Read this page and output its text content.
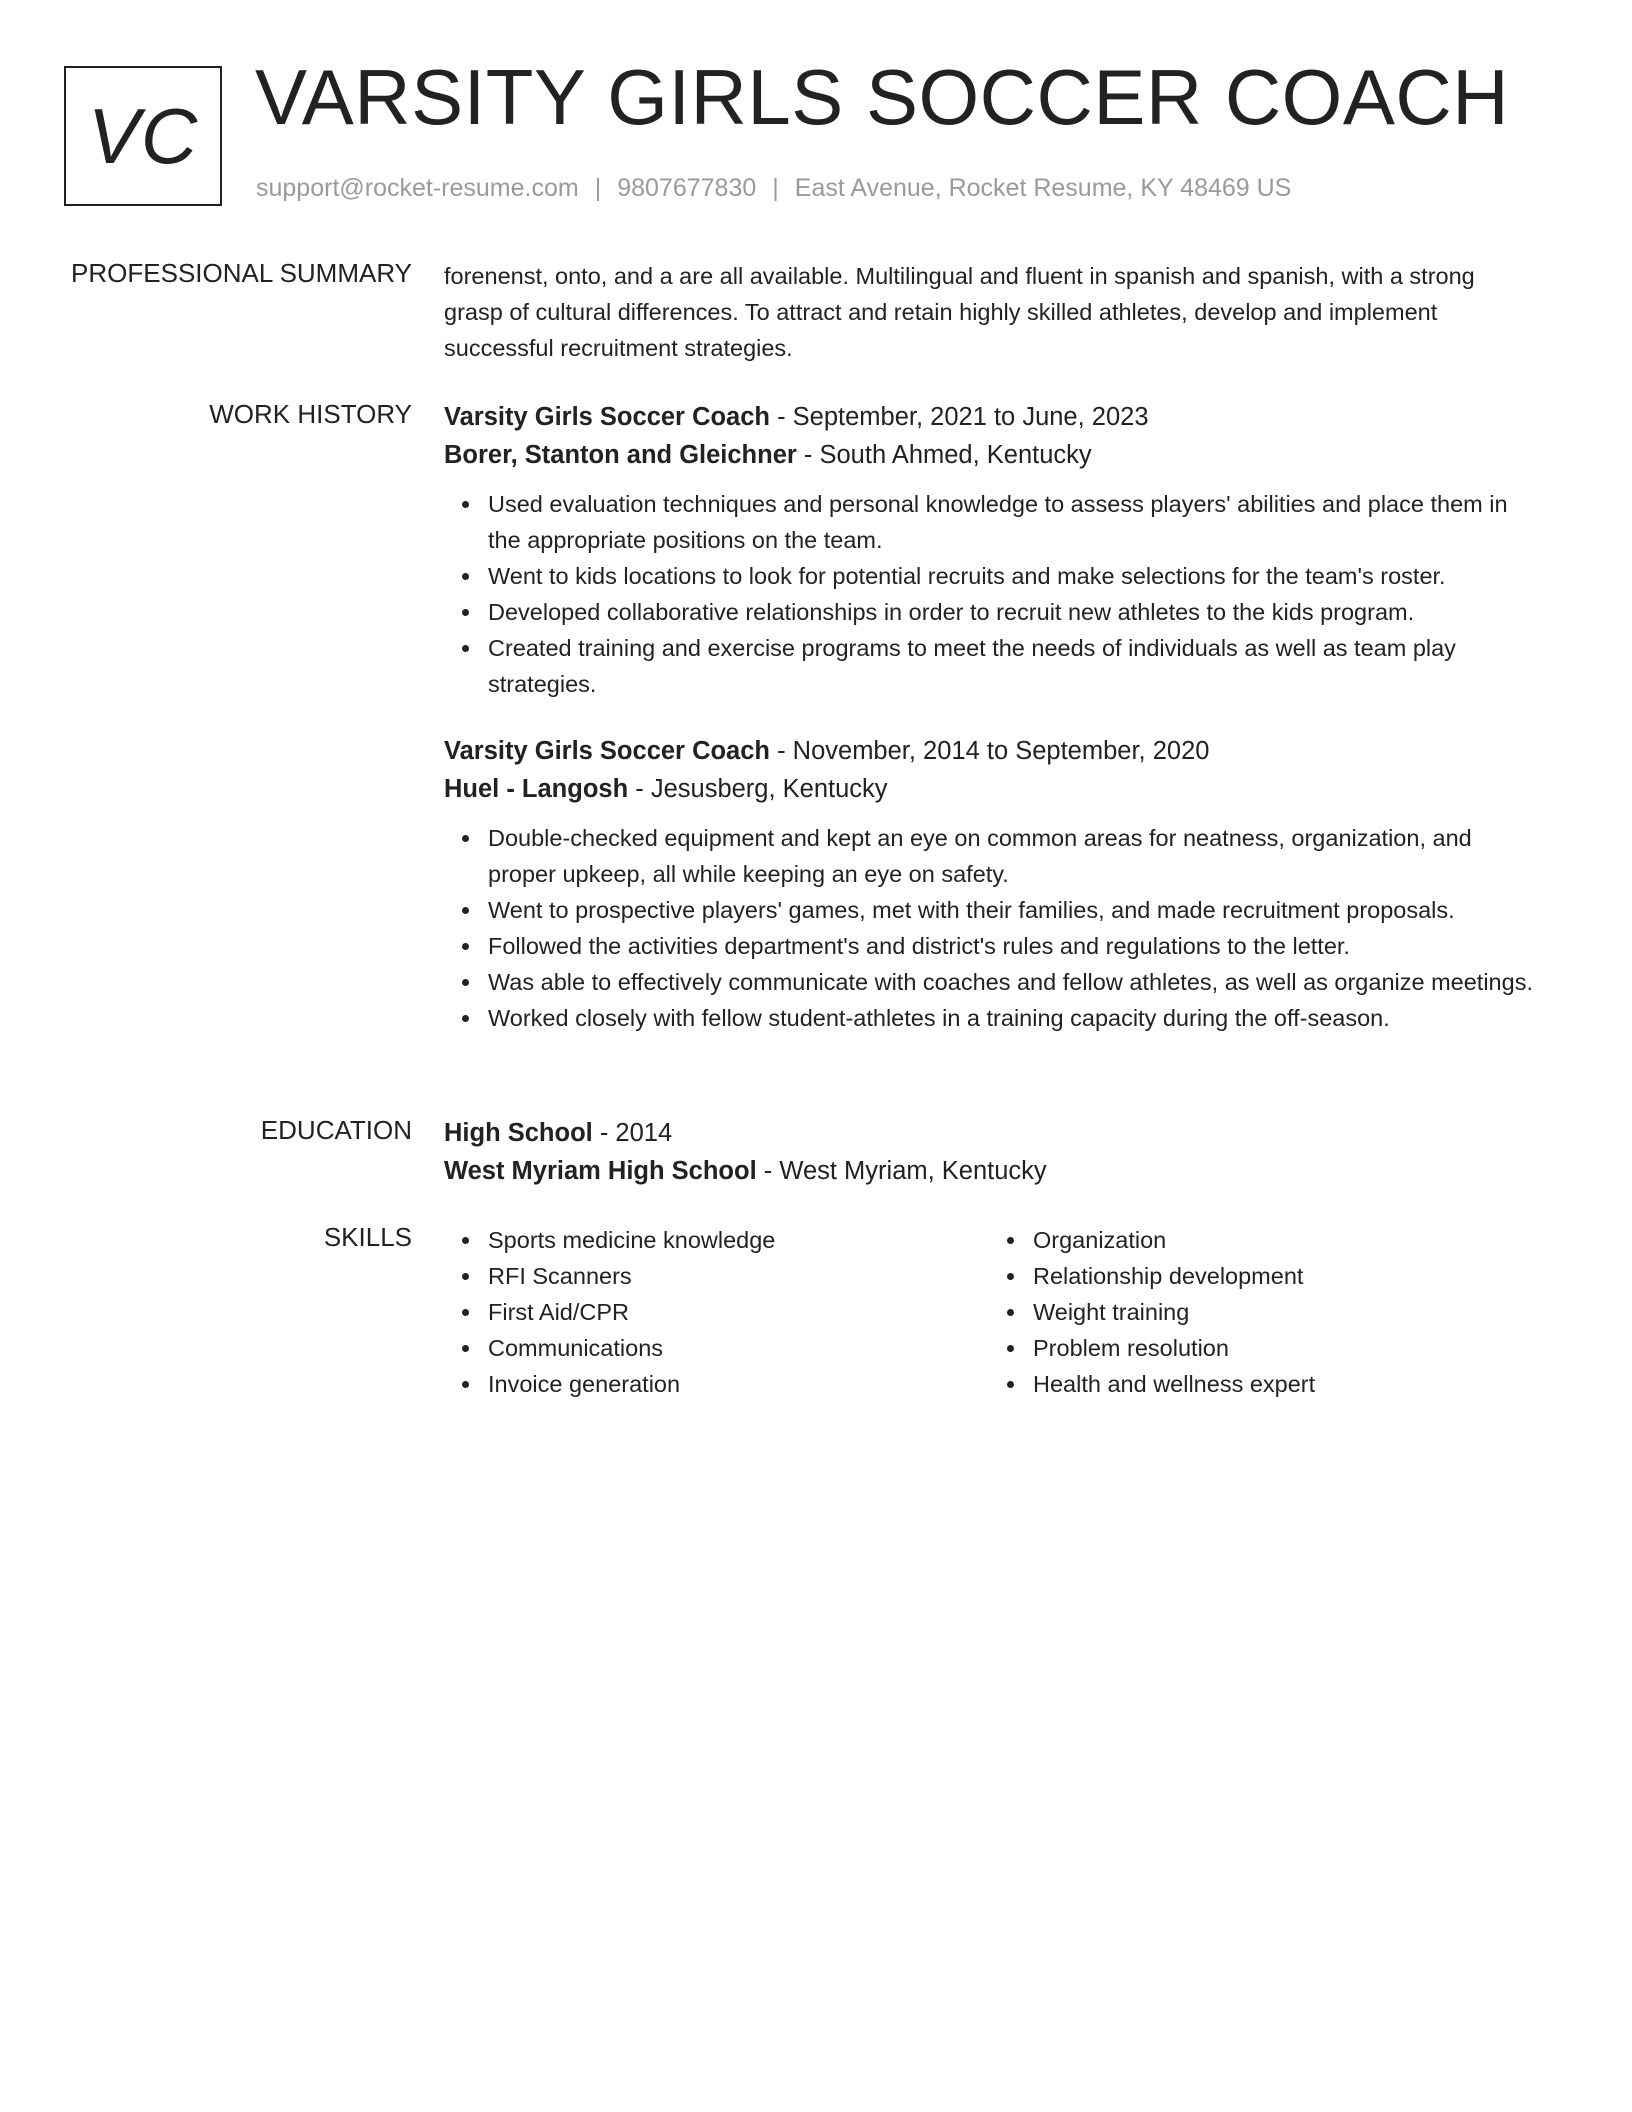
VC VARSITY GIRLS SOCCER COACH
support@rocket-resume.com | 9807677830 | East Avenue, Rocket Resume, KY 48469 US
PROFESSIONAL SUMMARY forenenst, onto, and a are all available. Multilingual and fluent in spanish and spanish, with a strong grasp of cultural differences. To attract and retain highly skilled athletes, develop and implement successful recruitment strategies.

WORK HISTORY Varsity Girls Soccer Coach - September, 2021 to June, 2023

Borer, Stanton and Gleichner - South Ahmed, Kentucky

Used evaluation techniques and personal knowledge to assess players' abilities and place them in the appropriate positions on the team.
Went to kids locations to look for potential recruits and make selections for the team's roster.
Developed collaborative relationships in order to recruit new athletes to the kids program.
Created training and exercise programs to meet the needs of individuals as well as team play strategies.

Varsity Girls Soccer Coach - November, 2014 to September, 2020

Huel - Langosh - Jesusberg, Kentucky

Double-checked equipment and kept an eye on common areas for neatness, organization, and proper upkeep, all while keeping an eye on safety.
Went to prospective players' games, met with their families, and made recruitment proposals.
Followed the activities department's and district's rules and regulations to the letter.
Was able to effectively communicate with coaches and fellow athletes, as well as organize meetings.
Worked closely with fellow student-athletes in a training capacity during the off-season.
EDUCATION High School - 2014

West Myriam High School - West Myriam, Kentucky

SKILLS	Sports medicine knowledge
RFI Scanners
First Aid/CPR
Communications
Invoice generation
Organization
Relationship development
Weight training
Problem resolution
Health and wellness expert
